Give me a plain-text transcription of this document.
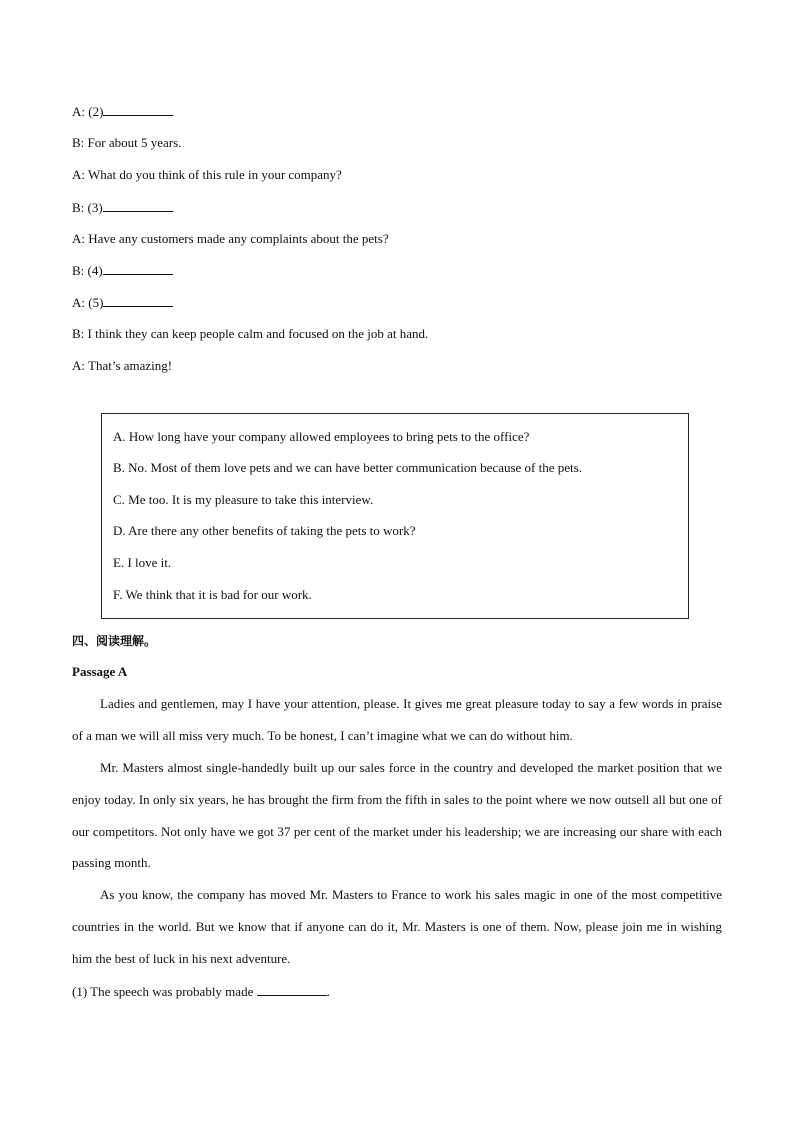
A: (2)
B: For about 5 years.
A: What do you think of this rule in your company?
B: (3)
A: Have any customers made any complaints about the pets?
B: (4)
A: (5)
B: I think they can keep people calm and focused on the job at hand.
A: That’s amazing!
A. How long have your company allowed employees to bring pets to the office?
B. No. Most of them love pets and we can have better communication because of the pets.
C. Me too. It is my pleasure to take this interview.
D. Are there any other benefits of taking the pets to work?
E. I love it.
F. We think that it is bad for our work.
四、阅读理解。
Passage A
Ladies and gentlemen, may I have your attention, please. It gives me great pleasure today to say a few words in praise of a man we will all miss very much. To be honest, I can’t imagine what we can do without him.
Mr. Masters almost single-handedly built up our sales force in the country and developed the market position that we enjoy today. In only six years, he has brought the firm from the fifth in sales to the point where we now outsell all but one of our competitors. Not only have we got 37 per cent of the market under his leadership; we are increasing our share with each passing month.
As you know, the company has moved Mr. Masters to France to work his sales magic in one of the most competitive countries in the world. But we know that if anyone can do it, Mr. Masters is one of them. Now, please join me in wishing him the best of luck in his next adventure.
(1) The speech was probably made	.
